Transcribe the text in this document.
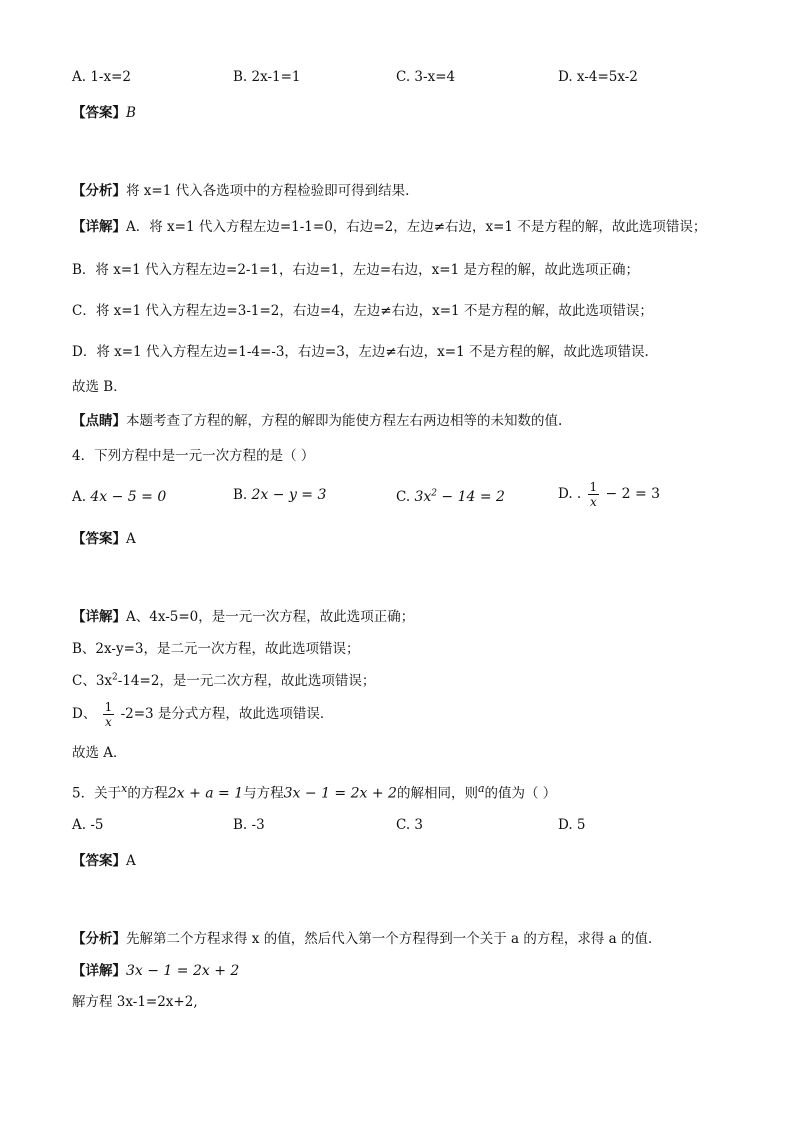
A. 1-x=2	B. 2x-1=1	C. 3-x=4	D. x-4=5x-2
【答案】B
【分析】将 x=1 代入各选项中的方程检验即可得到结果.
【详解】A．将 x=1 代入方程左边=1-1=0，右边=2，左边≠右边，x=1 不是方程的解，故此选项错误；
B．将 x=1 代入方程左边=2-1=1，右边=1，左边=右边，x=1 是方程的解，故此选项正确；
C．将 x=1 代入方程左边=3-1=2，右边=4，左边≠右边，x=1 不是方程的解，故此选项错误；
D．将 x=1 代入方程左边=1-4=-3，右边=3，左边≠右边，x=1 不是方程的解，故此选项错误.
故选 B．
【点睛】本题考查了方程的解，方程的解即为能使方程左右两边相等的未知数的值.
4．下列方程中是一元一次方程的是（ ）
A. 4x − 5 = 0	B. 2x − y = 3	C. $3x^2 - 14 = 2$	D. . $\frac{1}{x} - 2 = 3$
【答案】A
【详解】A、4x-5=0，是一元一次方程，故此选项正确；
B、2x-y=3，是二元一次方程，故此选项错误；
C、$3x^2-14=2$，是一元二次方程，故此选项错误；
D、 $\frac{1}{x} -2=3$ 是分式方程，故此选项错误．
故选 A．
5．关于$^x$的方程2x + a = 1与方程3x − 1 = 2x + 2的解相同，则$^a$的值为（ ）
A. -5	B. -3	C. 3	D. 5
【答案】A
【分析】先解第二个方程求得 x 的值，然后代入第一个方程得到一个关于 a 的方程，求得 a 的值．
【详解】3x − 1 = 2x + 2
解方程 3x-1=2x+2,
